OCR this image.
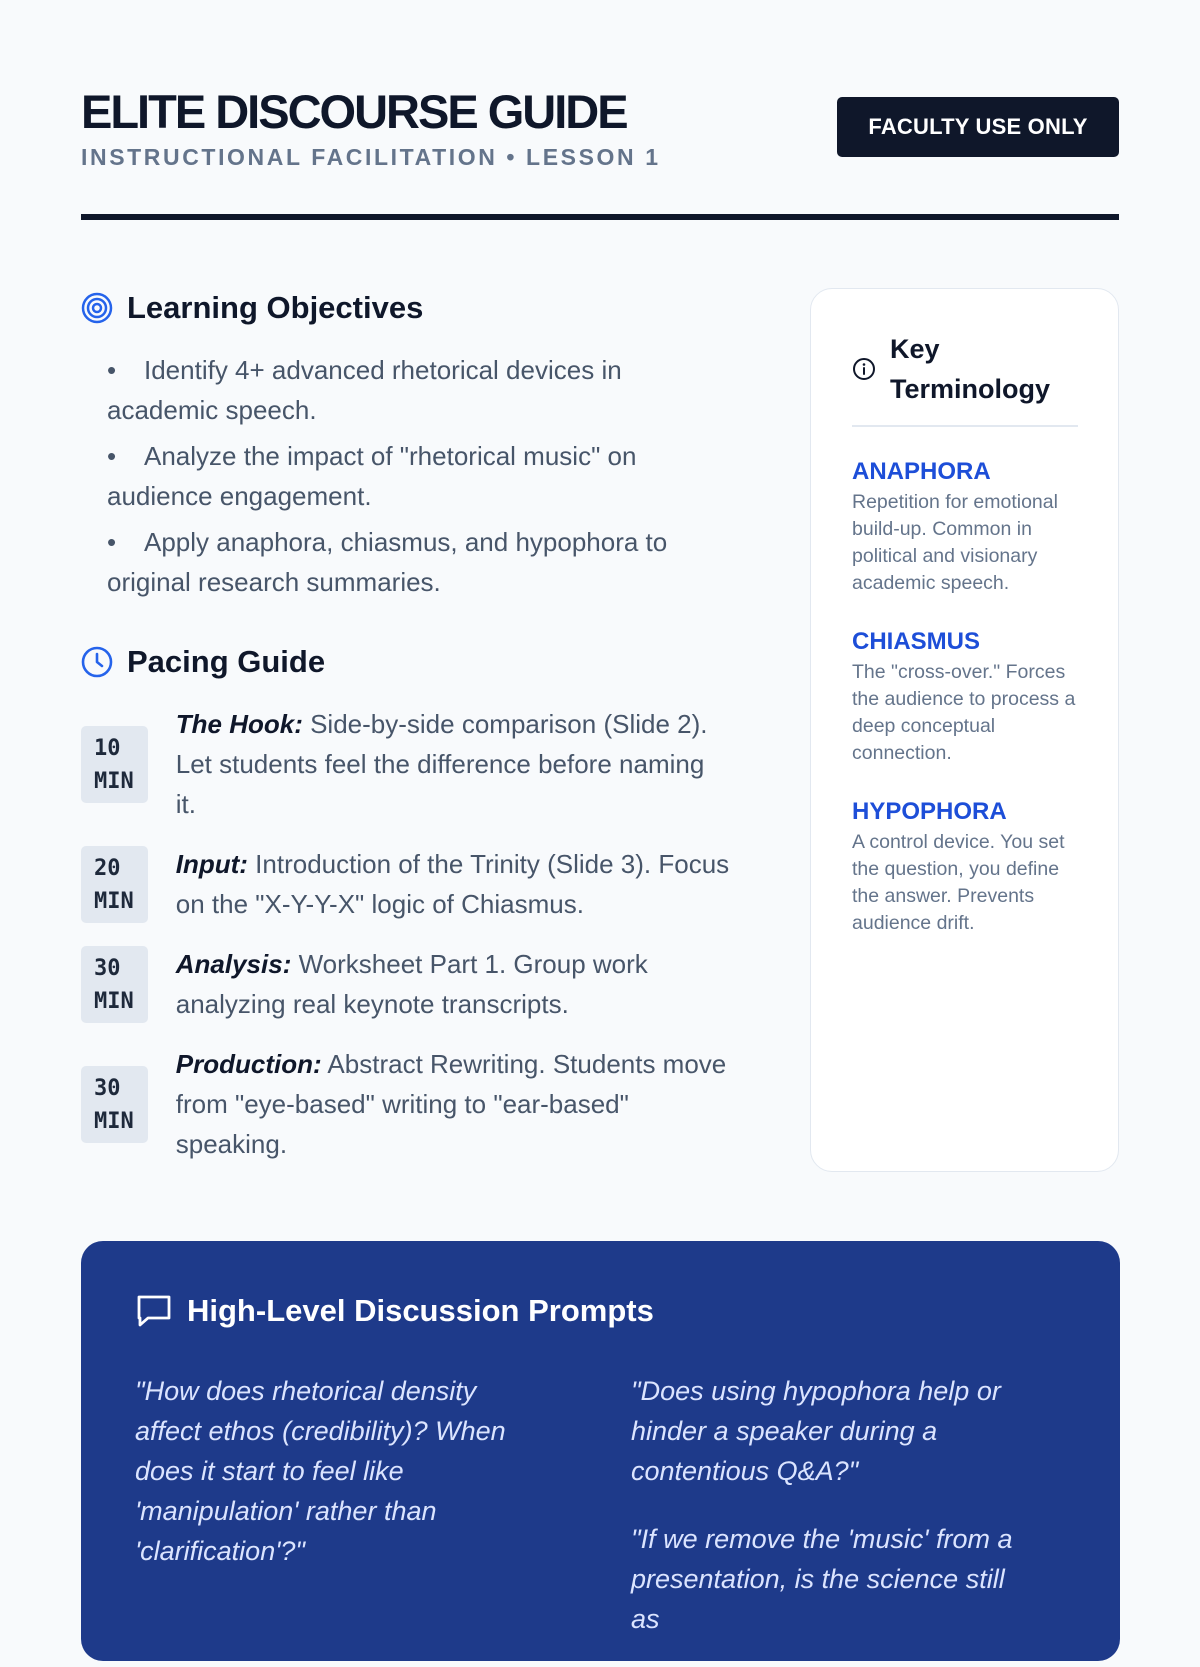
ELITE DISCOURSE GUIDE
INSTRUCTIONAL FACILITATION • LESSON 1
FACULTY USE ONLY
Learning Objectives
• Identify 4+ advanced rhetorical devices in academic speech.
• Analyze the impact of "rhetorical music" on audience engagement.
• Apply anaphora, chiasmus, and hypophora to original research summaries.
Pacing Guide
10
MIN
The Hook: Side-by-side comparison (Slide 2). Let students feel the difference before naming it.
20
MIN
Input: Introduction of the Trinity (Slide 3). Focus on the "X-Y-Y-X" logic of Chiasmus.
30
MIN
Analysis: Worksheet Part 1. Group work analyzing real keynote transcripts.
30
MIN
Production: Abstract Rewriting. Students move from "eye-based" writing to "ear-based" speaking.
Key Terminology
ANAPHORA
Repetition for emotional build-up. Common in political and visionary academic speech.
CHIASMUS
The "cross-over." Forces the audience to process a deep conceptual connection.
HYPOPHORA
A control device. You set the question, you define the answer. Prevents audience drift.
High-Level Discussion Prompts

"How does rhetorical density affect ethos (credibility)? When does it start to feel like 'manipulation' rather than 'clarification'?"

"Does using hypophora help or hinder a speaker during a contentious Q&A?"

"If we remove the 'music' from a presentation, is the science still as
